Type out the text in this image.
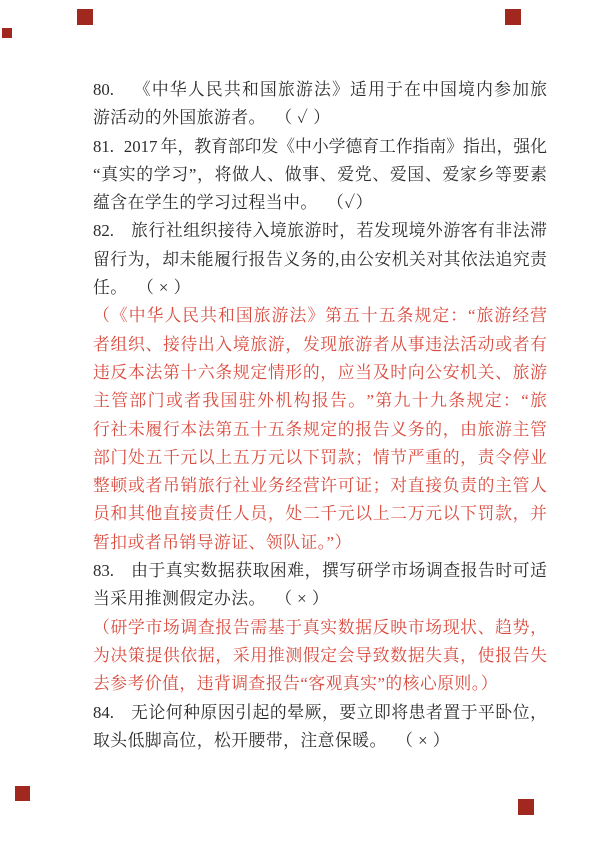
80. 《 中 华 人 民 共 和 国 旅 游 法 》 适 用 于 在 中 国 境 内 参 加 旅
游活动的外国旅游者。  （ ✓ ）
81. 2017 年 ， 教 育 部 印 发 《 中 小 学 德 育 工 作 指 南 》 指 出 ， 强 化
“ 真 实 的 学 习 ” ， 将 做 人 、 做 事 、 爱 党 、 爱 国 、 爱 家 乡 等 要 素
蕴含在学生的学习过程当中。  （✓）
82. 旅 行 社 组 织 接 待 入 境 旅 游 时 ， 若 发 现 境 外 游 客 有 非 法 滞
留 行 为 ， 却 未 能 履 行 报 告 义 务 的 , 由 公 安 机 关 对 其 依 法 追 究 责
任。  （ × ）
（ 《 中 华 人 民 共 和 国 旅 游 法 》 第 五 十 五 条 规 定 ： “ 旅 游 经 营
者 组 织 、 接 待 出 入 境 旅 游 ， 发 现 旅 游 者 从 事 违 法 活 动 或 者 有
违 反 本 法 第 十 六 条 规 定 情 形 的 ， 应 当 及 时 向 公 安 机 关 、 旅 游
主 管 部 门 或 者 我 国 驻 外 机 构 报 告 。 ” 第 九 十 九 条 规 定 ： “ 旅
行 社 未 履 行 本 法 第 五 十 五 条 规 定 的 报 告 义 务 的 ， 由 旅 游 主 管
部 门 处 五 千 元 以 上 五 万 元 以 下 罚 款 ； 情 节 严 重 的 ， 责 令 停 业
整 顿 或 者 吊 销 旅 行 社 业 务 经 营 许 可 证 ； 对 直 接 负 责 的 主 管 人
员 和 其 他 直 接 责 任 人 员 ， 处 二 千 元 以 上 二 万 元 以 下 罚 款 ， 并
暂扣或者吊销导游证、领队证。”）
83. 由 于 真 实 数 据 获 取 困 难 ， 撰 写 研 学 市 场 调 查 报 告 时 可 适
当采用推测假定办法。  （ × ）
（ 研 学 市 场 调 查 报 告 需 基 于 真 实 数 据 反 映 市 场 现 状 、 趋 势 ，
为 决 策 提 供 依 据 ， 采 用 推 测 假 定 会 导 致 数 据 失 真 ， 使 报 告 失
去参考价值，违背调查报告“客观真实”的核心原则。）
84. 无 论 何 种 原 因 引 起 的 晕 厥 ， 要 立 即 将 患 者 置 于 平 卧 位 ，
取头低脚高位，松开腰带，注意保暖。  （ × ）
